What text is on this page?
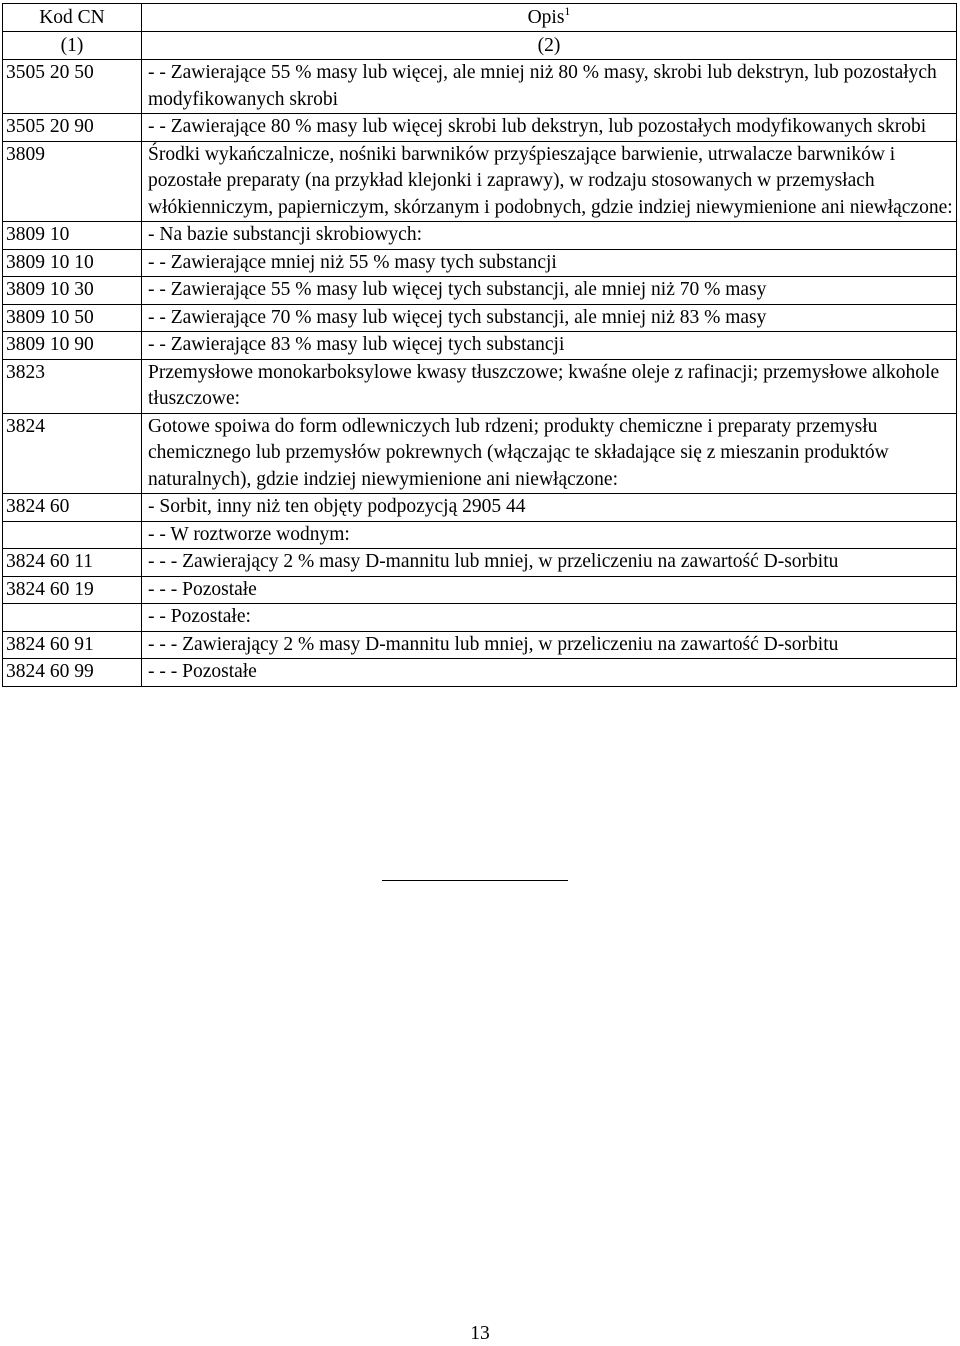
Kod CN	Opis$^1$
(1)	(2)
3505 20 50	- - Zawierające 55 % masy lub więcej, ale mniej niż 80 % masy, skrobi lub dekstryn, lub pozostałych modyfikowanych skrobi
3505 20 90	- - Zawierające 80 % masy lub więcej skrobi lub dekstryn, lub pozostałych modyfikowanych skrobi
3809	Środki wykańczalnicze, nośniki barwników przyśpieszające barwienie, utrwalacze barwników i pozostałe preparaty (na przykład klejonki i zaprawy), w rodzaju stosowanych w przemysłach włókienniczym, papierniczym, skórzanym i podobnych, gdzie indziej niewymienione ani niewłączone:
3809 10	- Na bazie substancji skrobiowych:
3809 10 10	- - Zawierające mniej niż 55 % masy tych substancji
3809 10 30	- - Zawierające 55 % masy lub więcej tych substancji, ale mniej niż 70 % masy
3809 10 50	- - Zawierające 70 % masy lub więcej tych substancji, ale mniej niż 83 % masy
3809 10 90	- - Zawierające 83 % masy lub więcej tych substancji
3823	Przemysłowe monokarboksylowe kwasy tłuszczowe; kwaśne oleje z rafinacji; przemysłowe alkohole tłuszczowe:
3824	Gotowe spoiwa do form odlewniczych lub rdzeni; produkty chemiczne i preparaty przemysłu chemicznego lub przemysłów pokrewnych (włączając te składające się z mieszanin produktów naturalnych), gdzie indziej niewymienione ani niewłączone:
3824 60	- Sorbit, inny niż ten objęty podpozycją 2905 44
	- - W roztworze wodnym:
3824 60 11	- - - Zawierający 2 % masy D-mannitu lub mniej, w przeliczeniu na zawartość D-sorbitu
3824 60 19	- - - Pozostałe
	- - Pozostałe:
3824 60 91	- - - Zawierający 2 % masy D-mannitu lub mniej, w przeliczeniu na zawartość D-sorbitu
3824 60 99	- - - Pozostałe
13
